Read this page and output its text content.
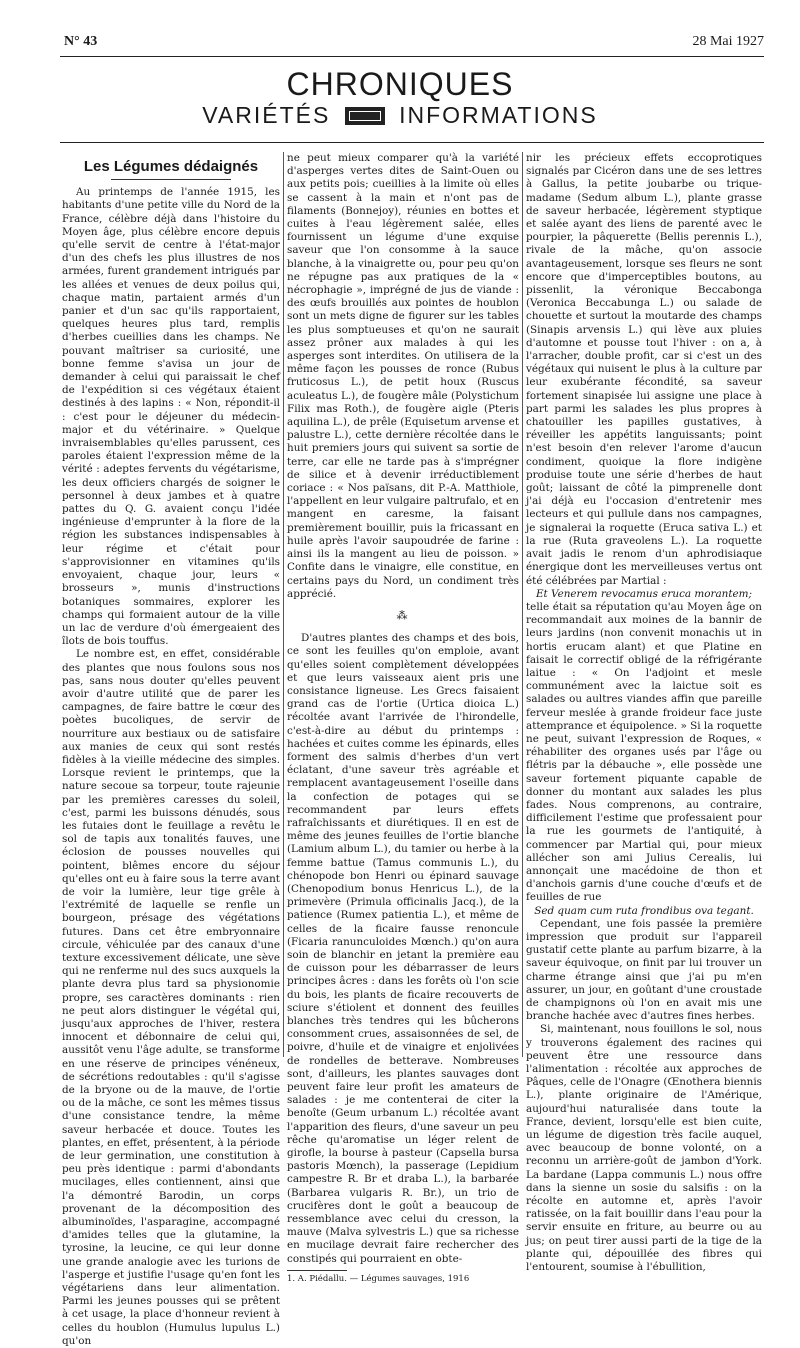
N° 43	28 Mai 1927
CHRONIQUES
VARIÉTÉS	INFORMATIONS
Les Légumes dédaignés

Au printemps de l'année 1915, les habitants d'une petite ville du Nord de la France, célèbre déjà dans l'histoire du Moyen âge, plus célèbre encore depuis qu'elle servit de centre à l'état-major d'un des chefs les plus illustres de nos armées, furent grandement intrigués par les allées et venues de deux poilus qui, chaque matin, partaient armés d'un panier et d'un sac qu'ils rapportaient, quelques heures plus tard, remplis d'herbes cueillies dans les champs. Ne pouvant maîtriser sa curiosité, une bonne femme s'avisa un jour de demander à celui qui paraissait le chef de l'expédition si ces végétaux étaient destinés à des lapins : « Non, répondit-il : c'est pour le déjeuner du médecin-major et du vétérinaire. » Quelque invraisemblables qu'elles parussent, ces paroles étaient l'expression même de la vérité : adeptes fervents du végétarisme, les deux officiers chargés de soigner le personnel à deux jambes et à quatre pattes du Q. G. avaient conçu l'idée ingénieuse d'emprunter à la flore de la région les substances indispensables à leur régime et c'était pour s'approvisionner en vitamines qu'ils envoyaient, chaque jour, leurs « brosseurs », munis d'instructions botaniques sommaires, explorer les champs qui formaient autour de la ville un lac de verdure d'où émergeaient des îlots de bois touffus.

Le nombre est, en effet, considérable des plantes que nous foulons sous nos pas, sans nous douter qu'elles peuvent avoir d'autre utilité que de parer les campagnes, de faire battre le cœur des poètes bucoliques, de servir de nourriture aux bestiaux ou de satisfaire aux manies de ceux qui sont restés fidèles à la vieille médecine des simples. Lorsque revient le printemps, que la nature secoue sa torpeur, toute rajeunie par les premières caresses du soleil, c'est, parmi les buissons dénudés, sous les futaies dont le feuillage a revêtu le sol de tapis aux tonalités fauves, une éclosion de pousses nouvelles qui pointent, blêmes encore du séjour qu'elles ont eu à faire sous la terre avant de voir la lumière, leur tige grêle à l'extrémité de laquelle se renfle un bourgeon, présage des végétations futures. Dans cet être embryonnaire circule, véhiculée par des canaux d'une texture excessivement délicate, une sève qui ne renferme nul des sucs auxquels la plante devra plus tard sa physionomie propre, ses caractères dominants : rien ne peut alors distinguer le végétal qui, jusqu'aux approches de l'hiver, restera innocent et débonnaire de celui qui, aussitôt venu l'âge adulte, se transforme en une réserve de principes vénéneux, de sécrétions redoutables : qu'il s'agisse de la bryone ou de la mauve, de l'ortie ou de la mâche, ce sont les mêmes tissus d'une consistance tendre, la même saveur herbacée et douce. Toutes les plantes, en effet, présentent, à la période de leur germination, une constitution à peu près identique : parmi d'abondants mucilages, elles contiennent, ainsi que l'a démontré Barodin, un corps provenant de la décomposition des albuminoïdes, l'asparagine, accompagné d'amides telles que la glutamine, la tyrosine, la leucine, ce qui leur donne une grande analogie avec les turions de l'asperge et justifie l'usage qu'en font les végétariens dans leur alimentation. Parmi les jeunes pousses qui se prêtent à cet usage, la place d'honneur revient à celles du houblon (Humulus lupulus L.) qu'on

ne peut mieux comparer qu'à la variété d'asperges vertes dites de Saint-Ouen ou aux petits pois; cueillies à la limite où elles se cassent à la main et n'ont pas de filaments (Bonnejoy), réunies en bottes et cuites à l'eau légèrement salée, elles fournissent un légume d'une exquise saveur que l'on consomme à la sauce blanche, à la vinaigrette ou, pour peu qu'on ne répugne pas aux pratiques de la « nécrophagie », imprégné de jus de viande : des œufs brouillés aux pointes de houblon sont un mets digne de figurer sur les tables les plus somptueuses et qu'on ne saurait assez prôner aux malades à qui les asperges sont interdites. On utilisera de la même façon les pousses de ronce (Rubus fruticosus L.), de petit houx (Ruscus aculeatus L.), de fougère mâle (Polystichum Filix mas Roth.), de fougère aigle (Pteris aquilina L.), de prêle (Equisetum arvense et palustre L.), cette dernière récoltée dans le huit premiers jours qui suivent sa sortie de terre, car elle ne tarde pas à s'imprégner de silice et à devenir irréductiblement coriace : « Nos païsans, dit P.-A. Matthiole, l'appellent en leur vulgaire paltrufalo, et en mangent en caresme, la faisant premièrement bouillir, puis la fricassant en huile après l'avoir saupoudrée de farine : ainsi ils la mangent au lieu de poisson. » Confite dans le vinaigre, elle constitue, en certains pays du Nord, un condiment très apprécié.

⁂

D'autres plantes des champs et des bois, ce sont les feuilles qu'on emploie, avant qu'elles soient complètement développées et que leurs vaisseaux aient pris une consistance ligneuse. Les Grecs faisaient grand cas de l'ortie (Urtica dioica L.) récoltée avant l'arrivée de l'hirondelle, c'est-à-dire au début du printemps : hachées et cuites comme les épinards, elles forment des salmis d'herbes d'un vert éclatant, d'une saveur très agréable et remplacent avantageusement l'oseille dans la confection de potages qui se recommandent par leurs effets rafraîchissants et diurétiques. Il en est de même des jeunes feuilles de l'ortie blanche (Lamium album L.), du tamier ou herbe à la femme battue (Tamus communis L.), du chénopode bon Henri ou épinard sauvage (Chenopodium bonus Henricus L.), de la primevère (Primula officinalis Jacq.), de la patience (Rumex patientia L.), et même de celles de la ficaire fausse renoncule (Ficaria ranunculoides Mœnch.) qu'on aura soin de blanchir en jetant la première eau de cuisson pour les débarrasser de leurs principes âcres : dans les forêts où l'on scie du bois, les plants de ficaire recouverts de sciure s'étiolent et donnent des feuilles blanches très tendres qui les bûcherons consomment crues, assaisonnées de sel, de poivre, d'huile et de vinaigre et enjolivées de rondelles de betterave. Nombreuses sont, d'ailleurs, les plantes sauvages dont peuvent faire leur profit les amateurs de salades : je me contenterai de citer la benoîte (Geum urbanum L.) récoltée avant l'apparition des fleurs, d'une saveur un peu rêche qu'aromatise un léger relent de girofle, la bourse à pasteur (Capsella bursa pastoris Mœnch), la passerage (Lepidium campestre R. Br et draba L.), la barbarée (Barbarea vulgaris R. Br.), un trio de crucifères dont le goût a beaucoup de ressemblance avec celui du cresson, la mauve (Malva sylvestris L.) que sa richesse en mucilage devrait faire rechercher des constipés qui pourraient en obte-

1. A. Piédallu. — Légumes sauvages, 1916

nir les précieux effets eccoprotiques signalés par Cicéron dans une de ses lettres à Gallus, la petite joubarbe ou trique-madame (Sedum album L.), plante grasse de saveur herbacée, légèrement styptique et salée ayant des liens de parenté avec le pourpier, la pâquerette (Bellis perennis L.), rivale de la mâche, qu'on associe avantageusement, lorsque ses fleurs ne sont encore que d'imperceptibles boutons, au pissenlit, la véronique Beccabonga (Veronica Beccabunga L.) ou salade de chouette et surtout la moutarde des champs (Sinapis arvensis L.) qui lève aux pluies d'automne et pousse tout l'hiver : on a, à l'arracher, double profit, car si c'est un des végétaux qui nuisent le plus à la culture par leur exubérante fécondité, sa saveur fortement sinapisée lui assigne une place à part parmi les salades les plus propres à chatouiller les papilles gustatives, à réveiller les appétits languissants; point n'est besoin d'en relever l'arome d'aucun condiment, quoique la flore indigène produise toute une série d'herbes de haut goût; laissant de côté la pimprenelle dont j'ai déjà eu l'occasion d'entretenir mes lecteurs et qui pullule dans nos campagnes, je signalerai la roquette (Eruca sativa L.) et la rue (Ruta graveolens L.). La roquette avait jadis le renom d'un aphrodisiaque énergique dont les merveilleuses vertus ont été célébrées par Martial :

Et Venerem revocamus eruca morantem;

telle était sa réputation qu'au Moyen âge on recommandait aux moines de la bannir de leurs jardins (non convenit monachis ut in hortis erucam alant) et que Platine en faisait le correctif obligé de la réfrigérante laitue : « On l'adjoint et mesle communément avec la laictue soit es salades ou aultres viandes affin que pareille ferveur meslée à grande froideur face juste attemprance et équipolence. » Si la roquette ne peut, suivant l'expression de Roques, « réhabiliter des organes usés par l'âge ou flétris par la débauche », elle possède une saveur fortement piquante capable de donner du montant aux salades les plus fades. Nous comprenons, au contraire, difficilement l'estime que professaient pour la rue les gourmets de l'antiquité, à commencer par Martial qui, pour mieux allécher son ami Julius Cerealis, lui annonçait une macédoine de thon et d'anchois garnis d'une couche d'œufs et de feuilles de rue

Sed quam cum ruta frondibus ova tegant.

Cependant, une fois passée la première impression que produit sur l'appareil gustatif cette plante au parfum bizarre, à la saveur équivoque, on finit par lui trouver un charme étrange ainsi que j'ai pu m'en assurer, un jour, en goûtant d'une croustade de champignons où l'on en avait mis une branche hachée avec d'autres fines herbes.

Si, maintenant, nous fouillons le sol, nous y trouverons également des racines qui peuvent être une ressource dans l'alimentation : récoltée aux approches de Pâques, celle de l'Onagre (Œnothera biennis L.), plante originaire de l'Amérique, aujourd'hui naturalisée dans toute la France, devient, lorsqu'elle est bien cuite, un légume de digestion très facile auquel, avec beaucoup de bonne volonté, on a reconnu un arrière-goût de jambon d'York. La bardane (Lappa communis L.) nous offre dans la sienne un sosie du salsifis : on la récolte en automne et, après l'avoir ratissée, on la fait bouillir dans l'eau pour la servir ensuite en friture, au beurre ou au jus; on peut tirer aussi parti de la tige de la plante qui, dépouillée des fibres qui l'entourent, soumise à l'ébullition,
